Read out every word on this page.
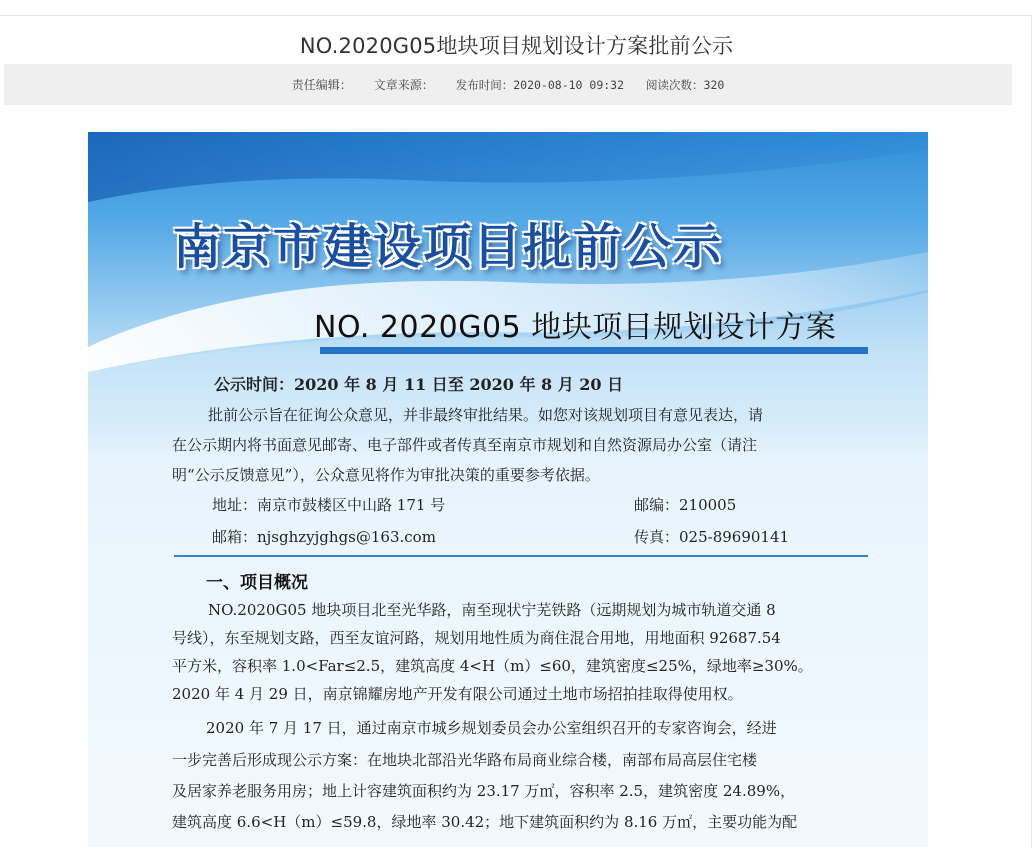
NO.2020G05地块项目规划设计方案批前公示
责任编辑： 文章来源： 发布时间：2020-08-10 09:32 阅读次数：320
南京市建设项目批前公示
NO. 2020G05 地块项目规划设计方案
公示时间：2020 年 8 月 11 日至 2020 年 8 月 20 日
批前公示旨在征询公众意见，并非最终审批结果。如您对该规划项目有意见表达，请
在公示期内将书面意见邮寄、电子部件或者传真至南京市规划和自然资源局办公室（请注
明“公示反馈意见”），公众意见将作为审批决策的重要参考依据。
地址：南京市鼓楼区中山路 171 号	邮编：210005
邮箱：njsghzyjghgs@163.com	传真：025-89690141
一、项目概况
NO.2020G05 地块项目北至光华路，南至现状宁芜铁路（远期规划为城市轨道交通 8
号线），东至规划支路，西至友谊河路，规划用地性质为商住混合用地，用地面积 92687.54
平方米，容积率 1.0<Far≤2.5，建筑高度 4<H（m）≤60，建筑密度≤25%，绿地率≥30%。
2020 年 4 月 29 日，南京锦耀房地产开发有限公司通过土地市场招拍挂取得使用权。
2020 年 7 月 17 日，通过南京市城乡规划委员会办公室组织召开的专家咨询会，经进
一步完善后形成现公示方案：在地块北部沿光华路布局商业综合楼，南部布局高层住宅楼
及居家养老服务用房；地上计容建筑面积约为 23.17 万㎡，容积率 2.5，建筑密度 24.89%，
建筑高度 6.6<H（m）≤59.8，绿地率 30.42；地下建筑面积约为 8.16 万㎡，主要功能为配
